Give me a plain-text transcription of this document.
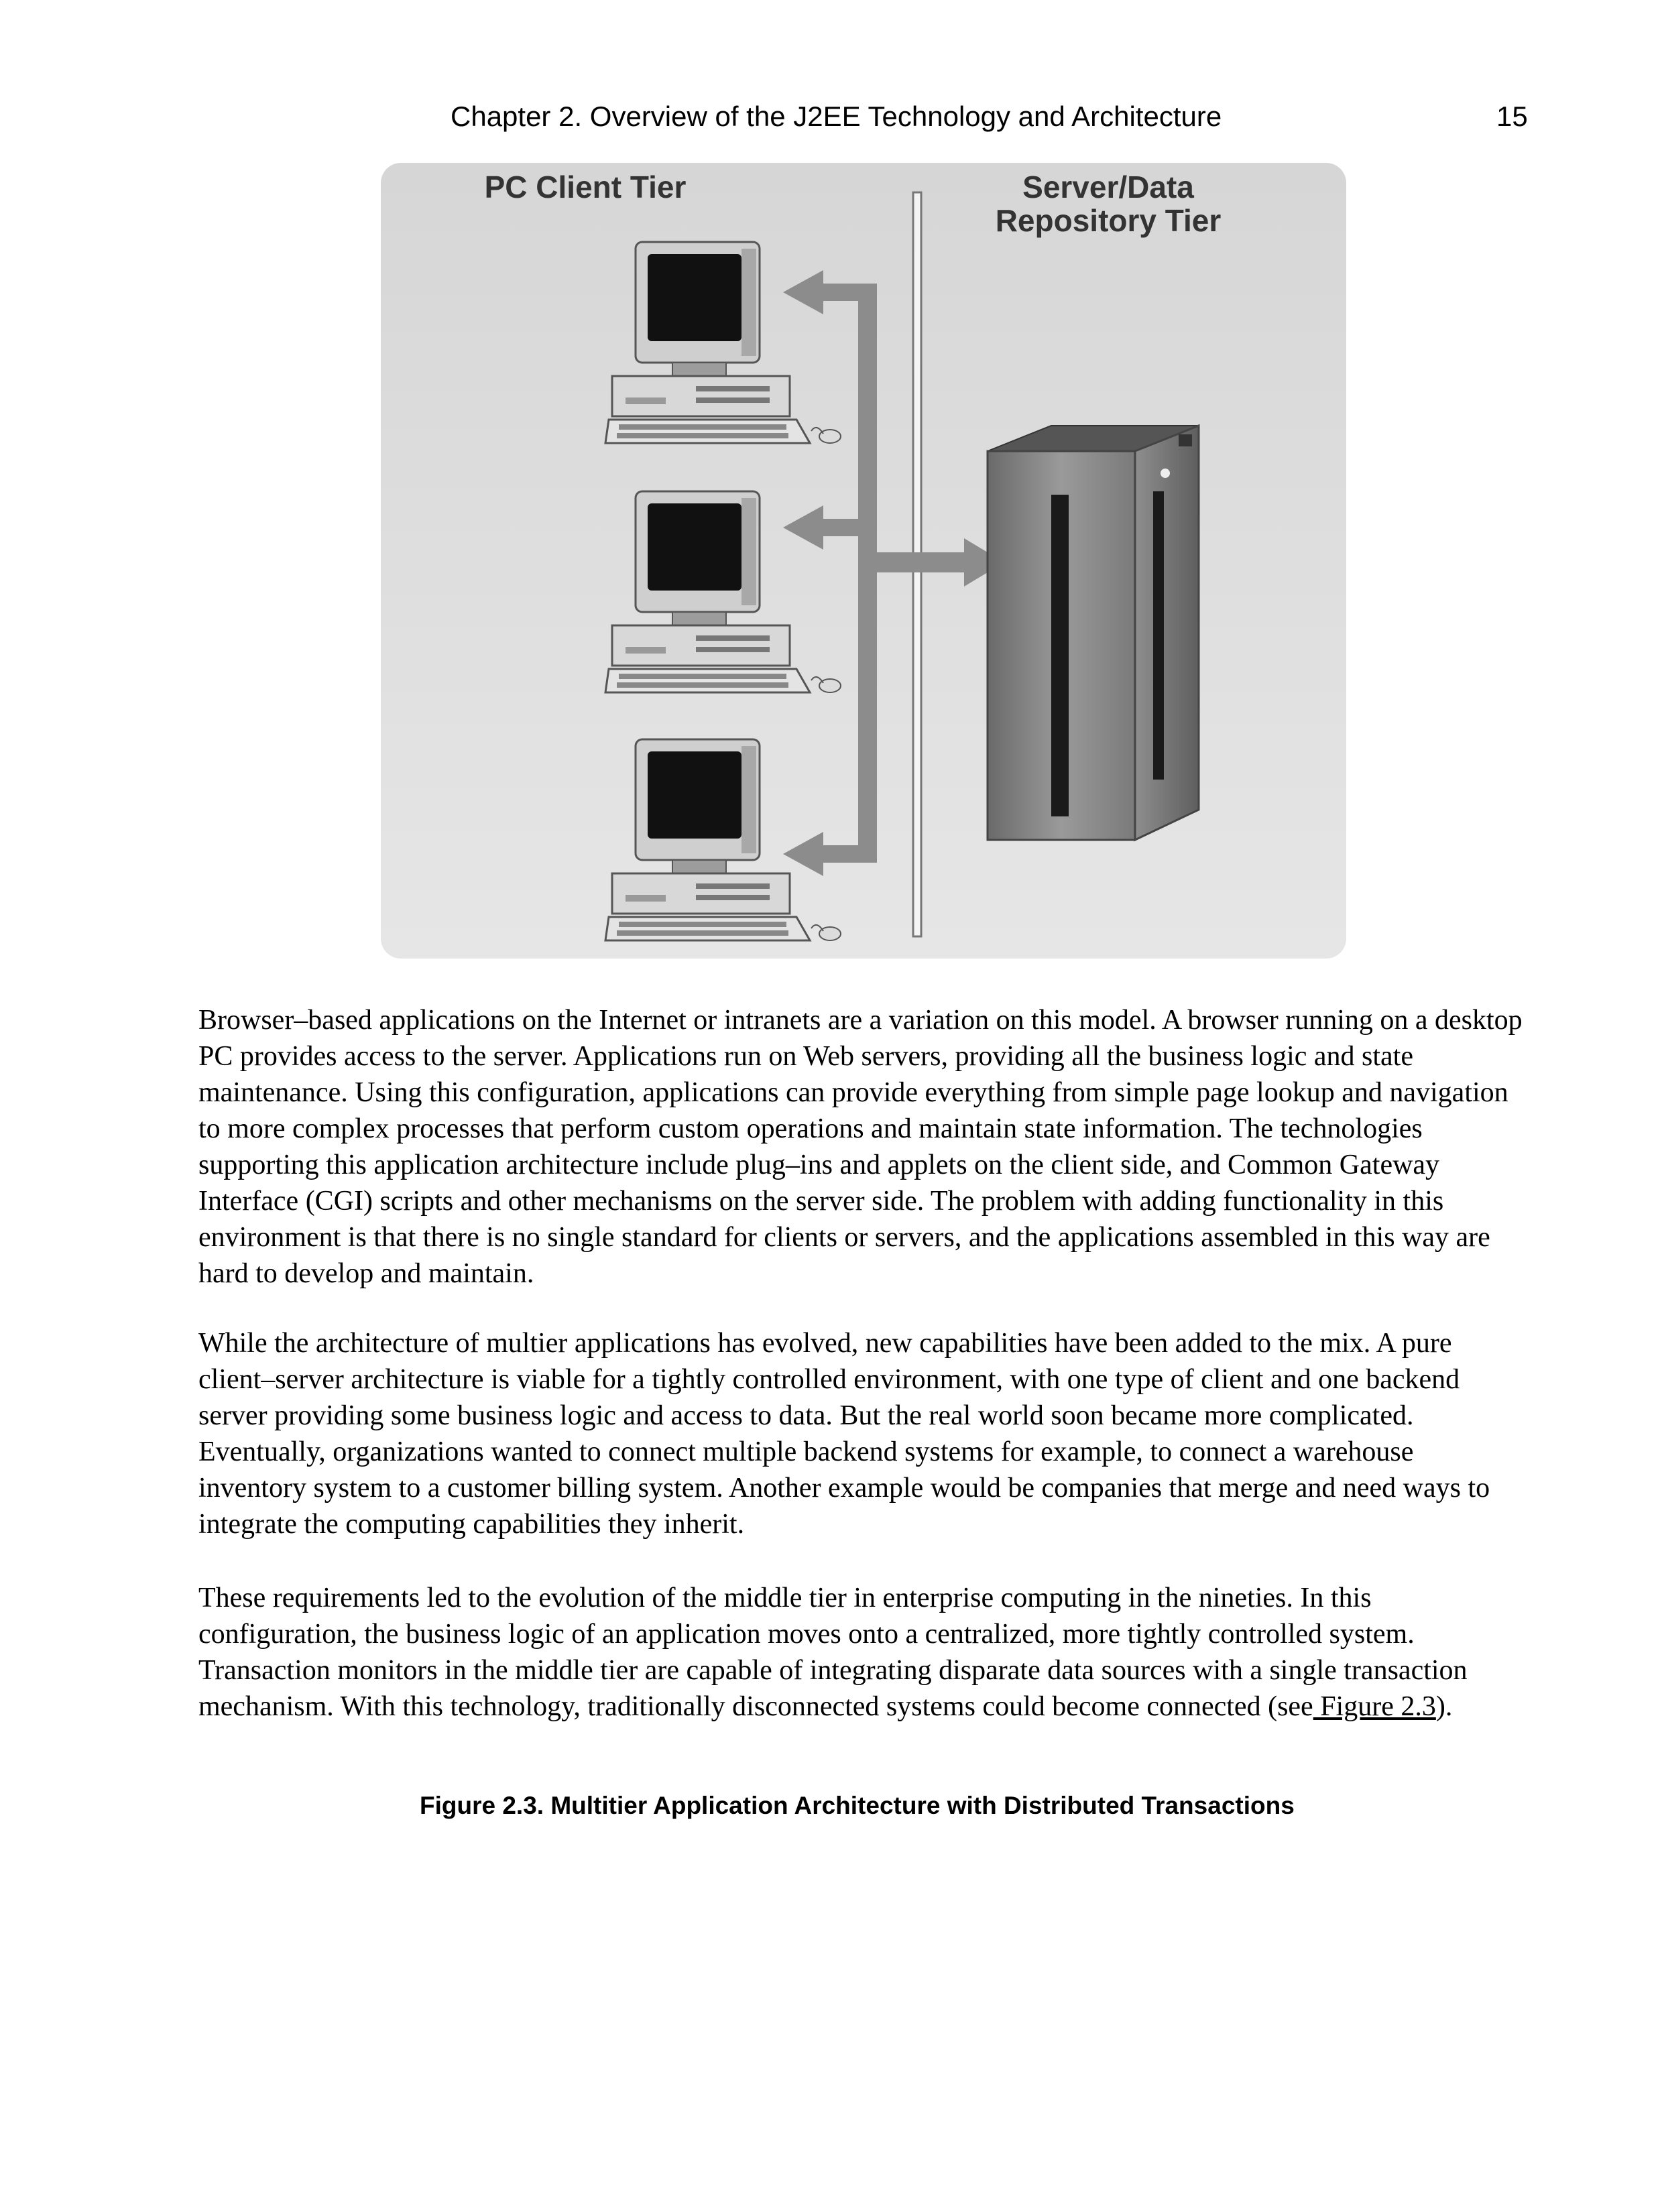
Chapter 2. Overview of the J2EE Technology and Architecture	15
PC Client Tier	Server/Data
Repository Tier

Browser–based applications on the Internet or intranets are a variation on this model. A browser running on a desktop PC provides access to the server. Applications run on Web servers, providing all the business logic and state maintenance. Using this configuration, applications can provide everything from simple page lookup and navigation to more complex processes that perform custom operations and maintain state information. The technologies supporting this application architecture include plug–ins and applets on the client side, and Common Gateway Interface (CGI) scripts and other mechanisms on the server side. The problem with adding functionality in this environment is that there is no single standard for clients or servers, and the applications assembled in this way are hard to develop and maintain.

While the architecture of multier applications has evolved, new capabilities have been added to the mix. A pure client–server architecture is viable for a tightly controlled environment, with one type of client and one backend server providing some business logic and access to data. But the real world soon became more complicated. Eventually, organizations wanted to connect multiple backend systems for example, to connect a warehouse inventory system to a customer billing system. Another example would be companies that merge and need ways to integrate the computing capabilities they inherit.

These requirements led to the evolution of the middle tier in enterprise computing in the nineties. In this configuration, the business logic of an application moves onto a centralized, more tightly controlled system. Transaction monitors in the middle tier are capable of integrating disparate data sources with a single transaction mechanism. With this technology, traditionally disconnected systems could become connected (see Figure 2.3).

Figure 2.3. Multitier Application Architecture with Distributed Transactions
